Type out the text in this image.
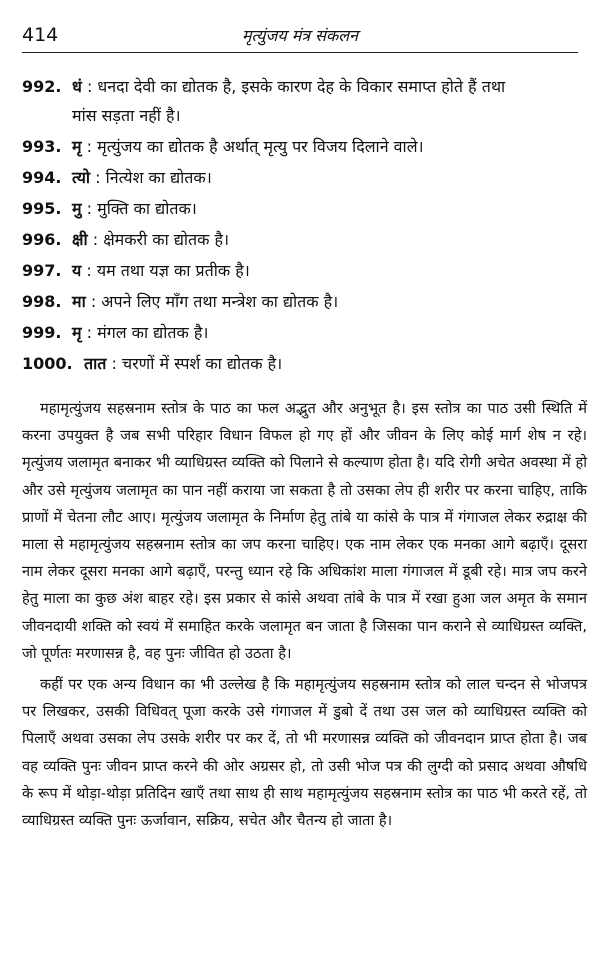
414	मृत्युंजय मंत्र संकलन
992. धं : धनदा देवी का द्योतक है, इसके कारण देह के विकार समाप्त होते हैं तथा
मांस सड़ता नहीं है।
993. मृ : मृत्युंजय का द्योतक है अर्थात् मृत्यु पर विजय दिलाने वाले।
994. त्यो : नित्येश का द्योतक।
995. मु : मुक्ति का द्योतक।
996. क्षी : क्षेमकरी का द्योतक है।
997. य : यम तथा यज्ञ का प्रतीक है।
998. मा : अपने लिए माँग तथा मन्त्रेश का द्योतक है।
999. मृ : मंगल का द्योतक है।
1000. तात : चरणों में स्पर्श का द्योतक है।

महामृत्युंजय सहस्रनाम स्तोत्र के पाठ का फल अद्भुत और अनुभूत है। इस स्तोत्र का पाठ उसी स्थिति में करना उपयुक्त है जब सभी परिहार विधान विफल हो गए हों और जीवन के लिए कोई मार्ग शेष न रहे। मृत्युंजय जलामृत बनाकर भी व्याधिग्रस्त व्यक्ति को पिलाने से कल्याण होता है। यदि रोगी अचेत अवस्था में हो और उसे मृत्युंजय जलामृत का पान नहीं कराया जा सकता है तो उसका लेप ही शरीर पर करना चाहिए, ताकि प्राणों में चेतना लौट आए। मृत्युंजय जलामृत के निर्माण हेतु तांबे या कांसे के पात्र में गंगाजल लेकर रुद्राक्ष की माला से महामृत्युंजय सहस्रनाम स्तोत्र का जप करना चाहिए। एक नाम लेकर एक मनका आगे बढ़ाएँ। दूसरा नाम लेकर दूसरा मनका आगे बढ़ाएँ, परन्तु ध्यान रहे कि अधिकांश माला गंगाजल में डूबी रहे। मात्र जप करने हेतु माला का कुछ अंश बाहर रहे। इस प्रकार से कांसे अथवा तांबे के पात्र में रखा हुआ जल अमृत के समान जीवनदायी शक्ति को स्वयं में समाहित करके जलामृत बन जाता है जिसका पान कराने से व्याधिग्रस्त व्यक्ति, जो पूर्णतः मरणासन्न है, वह पुनः जीवित हो उठता है।

कहीं पर एक अन्य विधान का भी उल्लेख है कि महामृत्युंजय सहस्रनाम स्तोत्र को लाल चन्दन से भोजपत्र पर लिखकर, उसकी विधिवत् पूजा करके उसे गंगाजल में डुबो दें तथा उस जल को व्याधिग्रस्त व्यक्ति को पिलाएँ अथवा उसका लेप उसके शरीर पर कर दें, तो भी मरणासन्न व्यक्ति को जीवनदान प्राप्त होता है। जब वह व्यक्ति पुनः जीवन प्राप्त करने की ओर अग्रसर हो, तो उसी भोज पत्र की लुग्दी को प्रसाद अथवा औषधि के रूप में थोड़ा-थोड़ा प्रतिदिन खाएँ तथा साथ ही साथ महामृत्युंजय सहस्रनाम स्तोत्र का पाठ भी करते रहें, तो व्याधिग्रस्त व्यक्ति पुनः ऊर्जावान, सक्रिय, सचेत और चैतन्य हो जाता है।
